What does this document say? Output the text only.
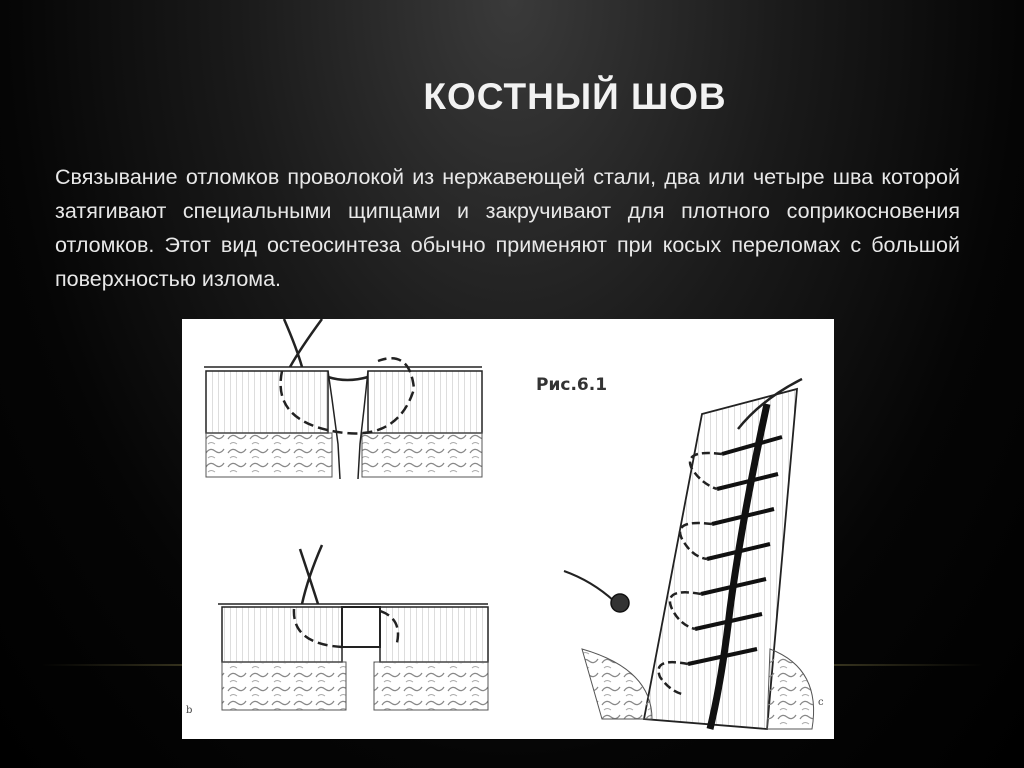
КОСТНЫЙ ШОВ

Связывание отломков проволокой из нержавеющей стали, два или четыре шва которой затягивают специальными щипцами и закручивают для плотного соприкосновения отломков. Этот вид остеосинтеза обычно применяют при косых переломах с большой поверхностью излома.

Рис.6.1
b
c
